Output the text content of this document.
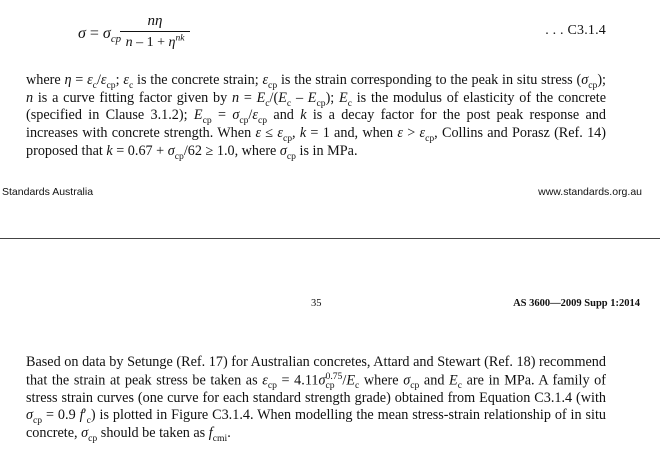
$\sigma = \sigma_{cp}$
nη
$n - 1 + \eta^{nk}$
. . . C3.1.4

where $\eta = \varepsilon_c/\varepsilon_{cp}$; $\varepsilon_c$ is the concrete strain; $\varepsilon_{cp}$ is the strain corresponding to the peak in situ stress $(\sigma_{cp})$; n is a curve fitting factor given by $n = E_c/(E_c - E_{cp})$; $E_c$ is the modulus of elasticity of the concrete (specified in Clause 3.1.2); $E_{cp} = \sigma_{cp}/\varepsilon_{cp}$ and k is a decay factor for the post peak response and increases with concrete strength. When $\varepsilon \le \varepsilon_{cp}$, k = 1 and, when $\varepsilon > \varepsilon_{cp}$, Collins and Porasz (Ref. 14) proposed that $k = 0.67 + \sigma_{cp}/62 \ge 1.0$, where $\sigma_{cp}$ is in MPa.

Standards Australia	www.standards.org.au
35	AS 3600—2009 Supp 1:2014

Based on data by Setunge (Ref. 17) for Australian concretes, Attard and Stewart (Ref. 18) recommend that the strain at peak stress be taken as $\varepsilon_{cp} = 4.11\sigma$ 0.75
cp $/E_c$ where $\sigma_{cp}$ and $E_c$ are in MPa. A family of stress strain curves (one curve for each standard strength grade) obtained from Equation C3.1.4 (with $\sigma_{cp} = 0.9$ $f'_c$) is plotted in Figure C3.1.4. When modelling the mean stress-strain relationship of in situ concrete, $\sigma_{cp}$ should be taken as $f_{cmi}$.
